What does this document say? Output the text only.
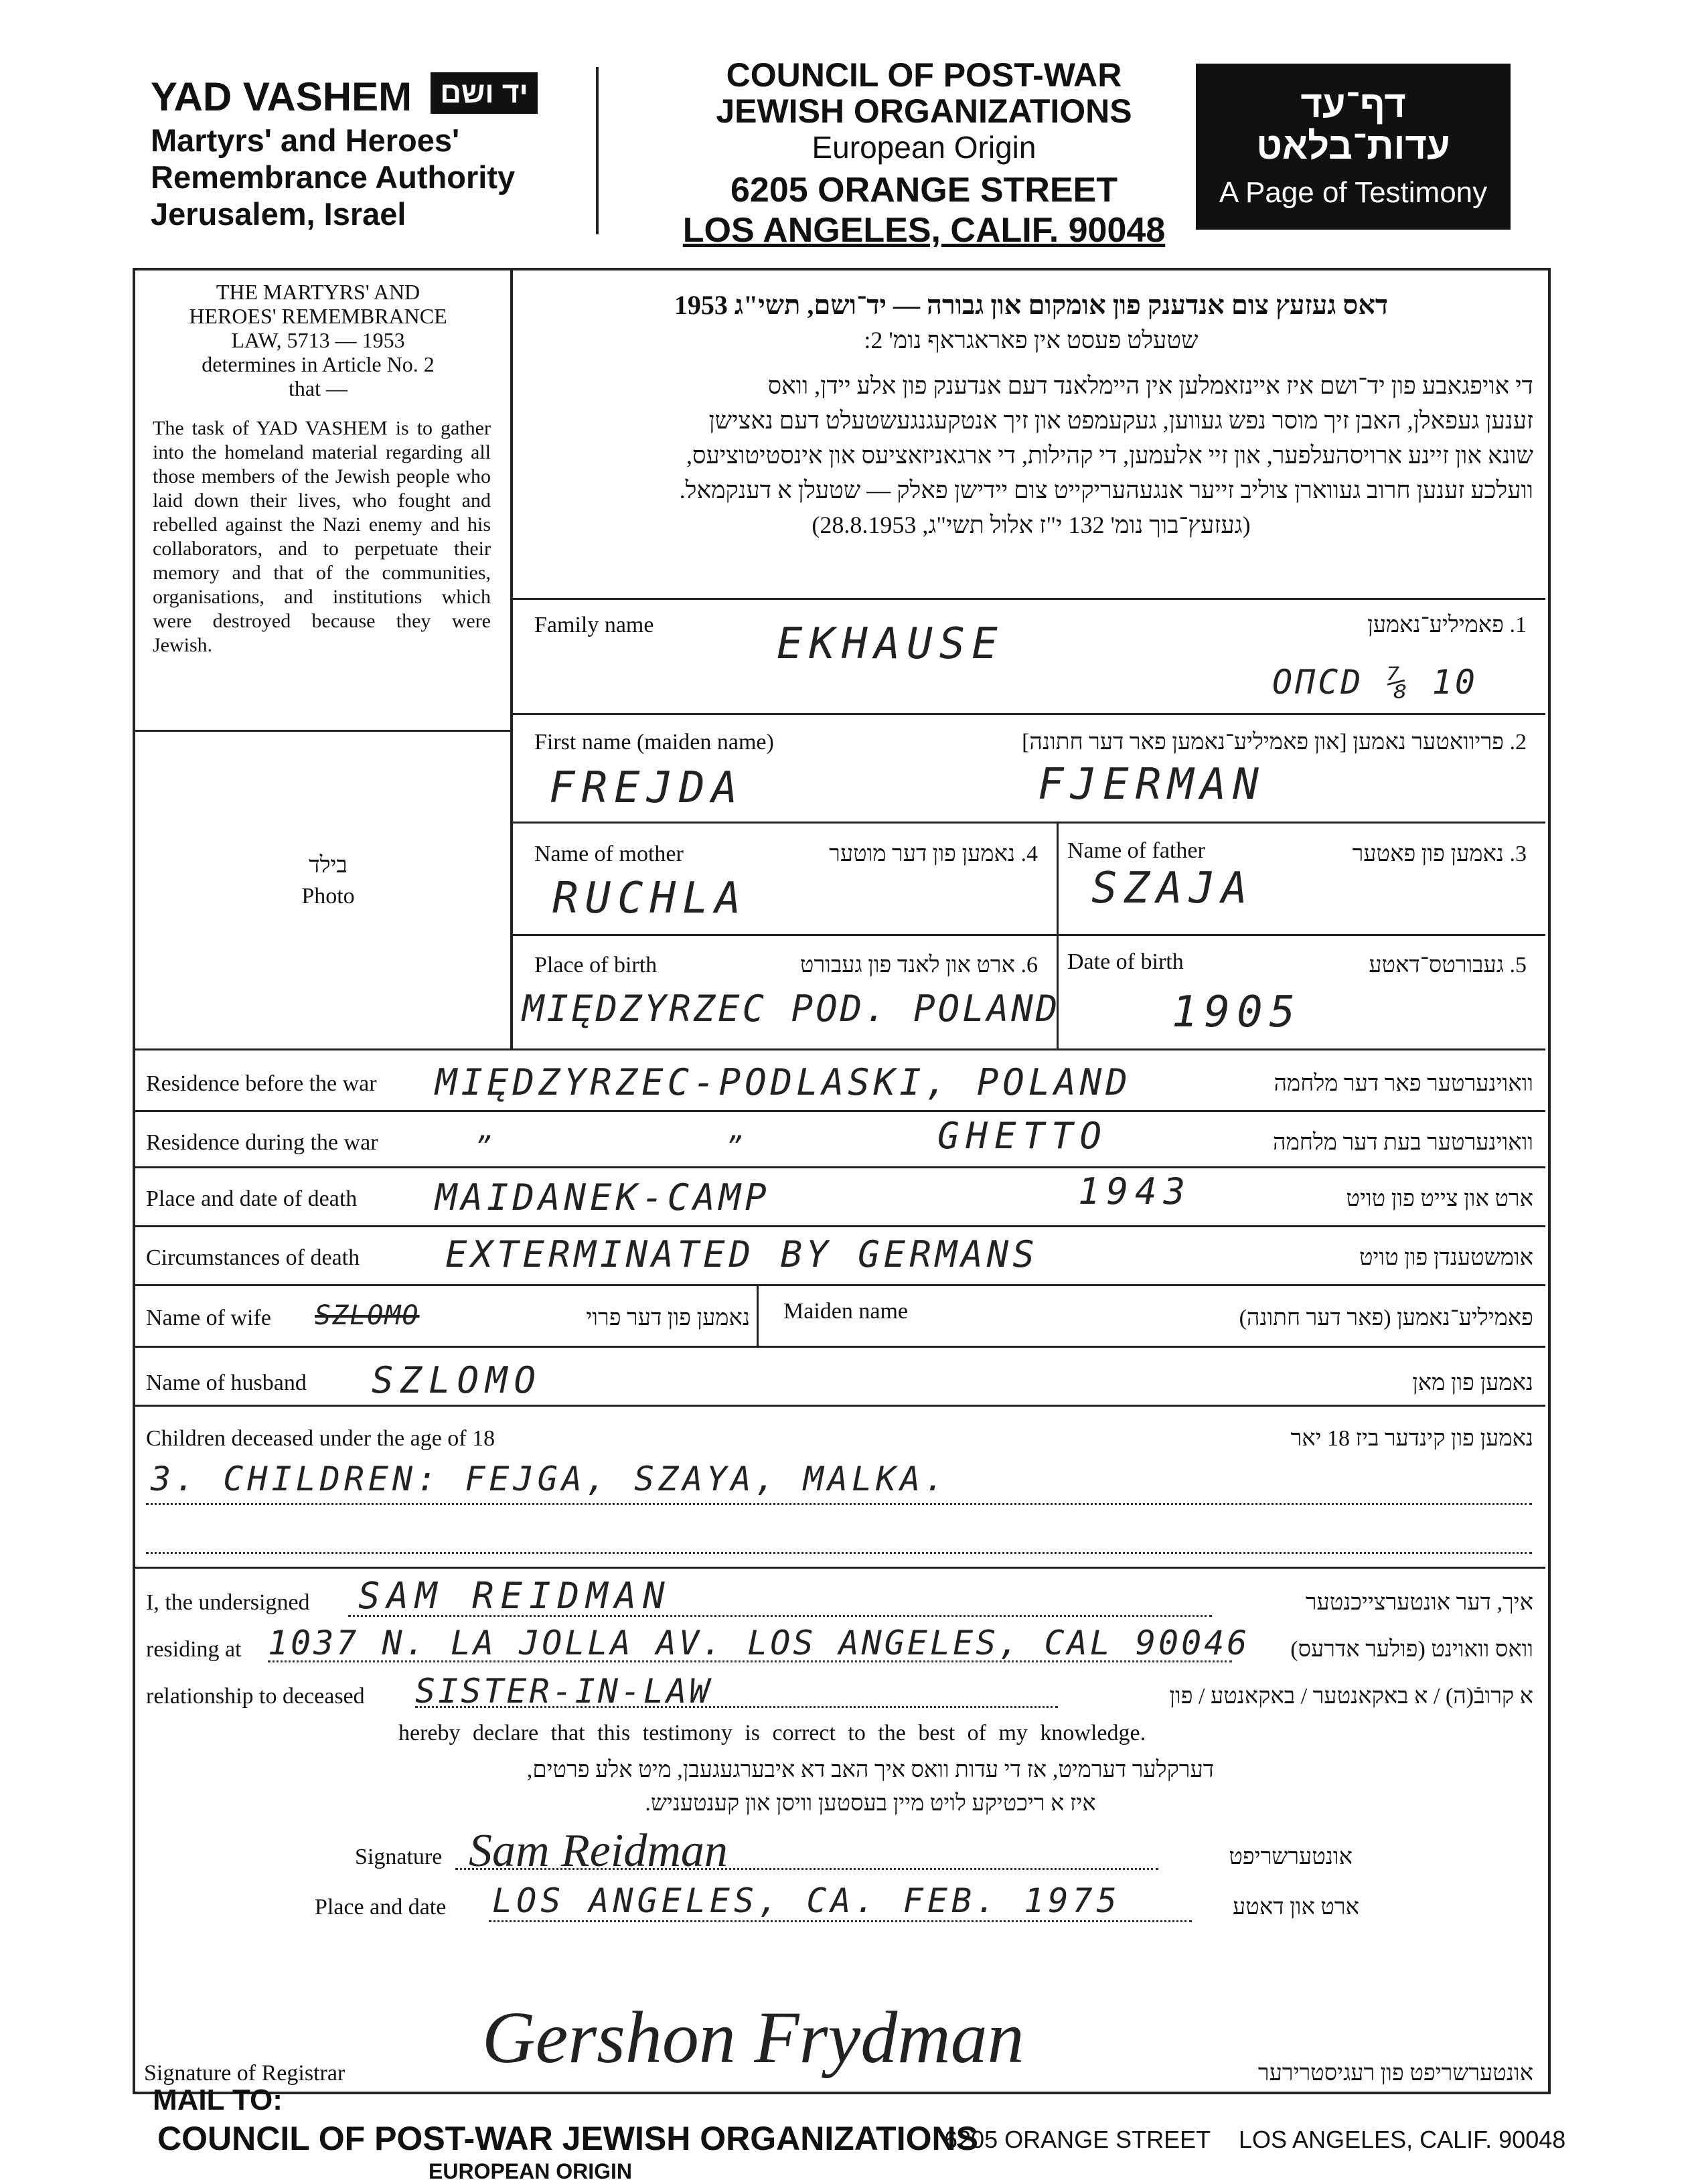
YAD VASHEM יד ושם
Martyrs' and Heroes'
Remembrance Authority
Jerusalem, Israel
COUNCIL OF POST-WAR
JEWISH ORGANIZATIONS
European Origin
6205 ORANGE STREET
LOS ANGELES, CALIF. 90048
דף־עד
עדות־בלאט
A Page of Testimony
THE MARTYRS' AND
HEROES' REMEMBRANCE
LAW, 5713 — 1953
determines in Article No. 2
that —
The task of YAD VASHEM is to gather into the homeland material regarding all those members of the Jewish people who laid down their lives, who fought and rebelled against the Nazi enemy and his collaborators, and to perpetuate their memory and that of the communities, organisations, and institutions which were destroyed because they were Jewish.
בילד
Photo
דאס געזעץ צום אנדענק פון אומקום און גבורה — יד־ושם, תשי"ג 1953
שטעלט פעסט אין פאראגראף נומ' 2:
די אויפגאבע פון יד־ושם איז איינזאמלען אין היימלאנד דעם אנדענק פון אלע יידן, וואס
זענען געפאלן, האבן זיך מוסר נפש געווען, געקעמפט און זיך אנטקעגנגעשטעלט דעם נאצישן
שונא און זיינע ארויסהעלפער, און זיי אלעמען, די קהילות, די ארגאניזאציעס און אינסטיטוציעס,
וועלכע זענען חרוב געווארן צוליב זייער אנגעהעריקייט צום יידישן פאלק — שטעלן א דענקמאל.
(געזעץ־בוך נומ' 132 י"ז אלול תשי"ג, 28.8.1953)
Family name	1. פאמיליע־נאמען
EKHAUSE
OΠCD ⅞ 10
First name (maiden name)	2. פריוואטער נאמען [און פאמיליע־נאמען פאר דער חתונה]
FREJDA	FJERMAN
Name of mother	4. נאמען פון דער מוטער
RUCHLA
Name of father	3. נאמען פון פאטער
SZAJA
Place of birth	6. ארט און לאנד פון געבורט
MIĘDZYRZEC POD. POLAND
Date of birth	5. געבורטס־דאטע
1905
Residence before the war	וואוינערטער פאר דער מלחמה
MIĘDZYRZEC-PODLASKI, POLAND
Residence during the war	וואוינערטער בעת דער מלחמה
”          ”	GHETTO
Place and date of death	ארט און צייט פון טויט
MAIDANEK-CAMP	1943
Circumstances of death	אומשטענדן פון טויט
EXTERMINATED BY GERMANS
Name of wife SZLOMO	נאמען פון דער פרוי Maiden name	פאמיליע־נאמען (פאר דער חתונה)
Name of husband	נאמען פון מאן
SZLOMO
Children deceased under the age of 18	נאמען פון קינדער ביז 18 יאר
3. CHILDREN: FEJGA, SZAYA, MALKA.
I, the undersigned SAM REIDMAN	איך, דער אונטערצייכנטער
residing at 1037 N. LA JOLLA AV. LOS ANGELES, CAL 90046	וואס וואוינט (פולער אדרעס)
relationship to deceased SISTER-IN-LAW	א קרובֿ(ה) / א באקאנטער / באקאנטע / פון
hereby declare that this testimony is correct to the best of my knowledge.
דערקלער דערמיט, אז די עדות וואס איך האב דא איבערגעגעבן, מיט אלע פרטים,
איז א ריכטיקע לויט מיין בעסטען וויסן און קענטעניש.
Signature Sam Reidman	אונטערשריפט
Place and date LOS ANGELES, CA. FEB. 1975	ארט און דאטע
Signature of Registrar Gershon Frydman	אונטערשריפט פון רעגיסטרירער
MAIL TO:
COUNCIL OF POST-WAR JEWISH ORGANIZATIONS
6205 ORANGE STREET LOS ANGELES, CALIF. 90048
EUROPEAN ORIGIN
